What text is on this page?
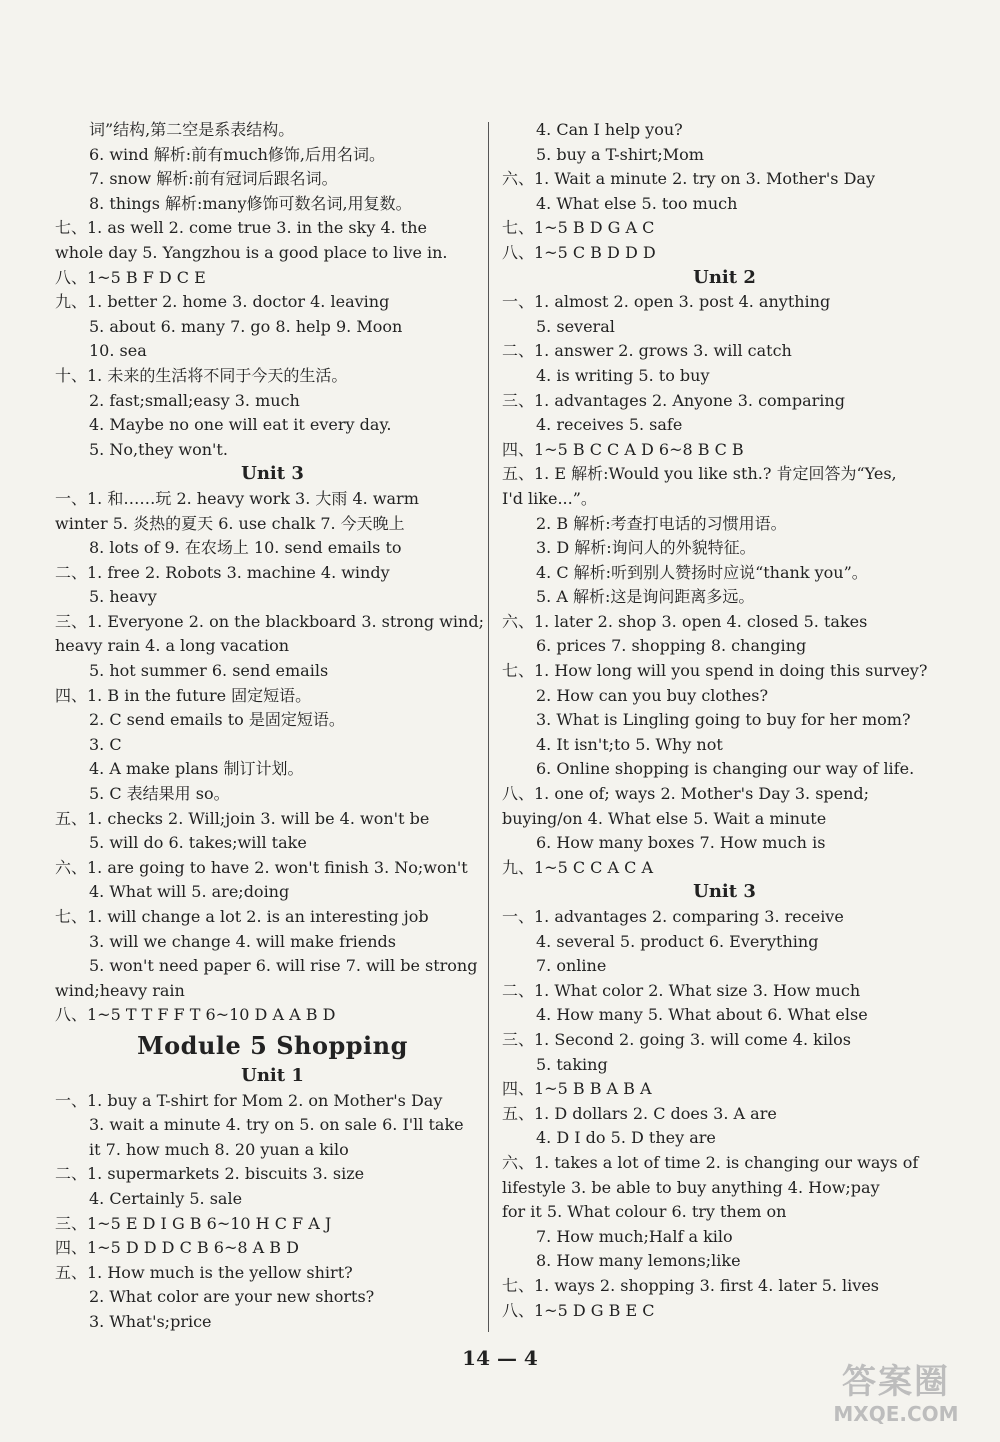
词”结构,第二空是系表结构。
6. wind 解析:前有much修饰,后用名词。
7. snow 解析:前有冠词后跟名词。
8. things 解析:many修饰可数名词,用复数。
七、1. as well 2. come true 3. in the sky 4. the
whole day 5. Yangzhou is a good place to live in.
八、1~5 B F D C E
九、1. better 2. home 3. doctor 4. leaving
5. about 6. many 7. go 8. help 9. Moon
10. sea
十、1. 未来的生活将不同于今天的生活。
2. fast;small;easy 3. much
4. Maybe no one will eat it every day.
5. No,they won't.
Unit 3
一、1. 和……玩 2. heavy work 3. 大雨 4. warm
winter 5. 炎热的夏天 6. use chalk 7. 今天晚上
8. lots of 9. 在农场上 10. send emails to
二、1. free 2. Robots 3. machine 4. windy
5. heavy
三、1. Everyone 2. on the blackboard 3. strong wind;
heavy rain 4. a long vacation
5. hot summer 6. send emails
四、1. B in the future 固定短语。
2. C send emails to 是固定短语。
3. C
4. A make plans 制订计划。
5. C 表结果用 so。
五、1. checks 2. Will;join 3. will be 4. won't be
5. will do 6. takes;will take
六、1. are going to have 2. won't finish 3. No;won't
4. What will 5. are;doing
七、1. will change a lot 2. is an interesting job
3. will we change 4. will make friends
5. won't need paper 6. will rise 7. will be strong
wind;heavy rain
八、1~5 T T F F T 6~10 D A A B D
Module 5 Shopping
Unit 1
一、1. buy a T-shirt for Mom 2. on Mother's Day
3. wait a minute 4. try on 5. on sale 6. I'll take
it 7. how much 8. 20 yuan a kilo
二、1. supermarkets 2. biscuits 3. size
4. Certainly 5. sale
三、1~5 E D I G B 6~10 H C F A J
四、1~5 D D D C B 6~8 A B D
五、1. How much is the yellow shirt?
2. What color are your new shorts?
3. What's;price
4. Can I help you?
5. buy a T-shirt;Mom
六、1. Wait a minute 2. try on 3. Mother's Day
4. What else 5. too much
七、1~5 B D G A C
八、1~5 C B D D D
Unit 2
一、1. almost 2. open 3. post 4. anything
5. several
二、1. answer 2. grows 3. will catch
4. is writing 5. to buy
三、1. advantages 2. Anyone 3. comparing
4. receives 5. safe
四、1~5 B C C A D 6~8 B C B
五、1. E 解析:Would you like sth.? 肯定回答为“Yes,
I'd like...”。
2. B 解析:考查打电话的习惯用语。
3. D 解析:询问人的外貌特征。
4. C 解析:听到别人赞扬时应说“thank you”。
5. A 解析:这是询问距离多远。
六、1. later 2. shop 3. open 4. closed 5. takes
6. prices 7. shopping 8. changing
七、1. How long will you spend in doing this survey?
2. How can you buy clothes?
3. What is Lingling going to buy for her mom?
4. It isn't;to 5. Why not
6. Online shopping is changing our way of life.
八、1. one of; ways 2. Mother's Day 3. spend;
buying/on 4. What else 5. Wait a minute
6. How many boxes 7. How much is
九、1~5 C C A C A
Unit 3
一、1. advantages 2. comparing 3. receive
4. several 5. product 6. Everything
7. online
二、1. What color 2. What size 3. How much
4. How many 5. What about 6. What else
三、1. Second 2. going 3. will come 4. kilos
5. taking
四、1~5 B B A B A
五、1. D dollars 2. C does 3. A are
4. D I do 5. D they are
六、1. takes a lot of time 2. is changing our ways of
lifestyle 3. be able to buy anything 4. How;pay
for it 5. What colour 6. try them on
7. How much;Half a kilo
8. How many lemons;like
七、1. ways 2. shopping 3. first 4. later 5. lives
八、1~5 D G B E C
14 — 4
答案圈
MXQE.COM
